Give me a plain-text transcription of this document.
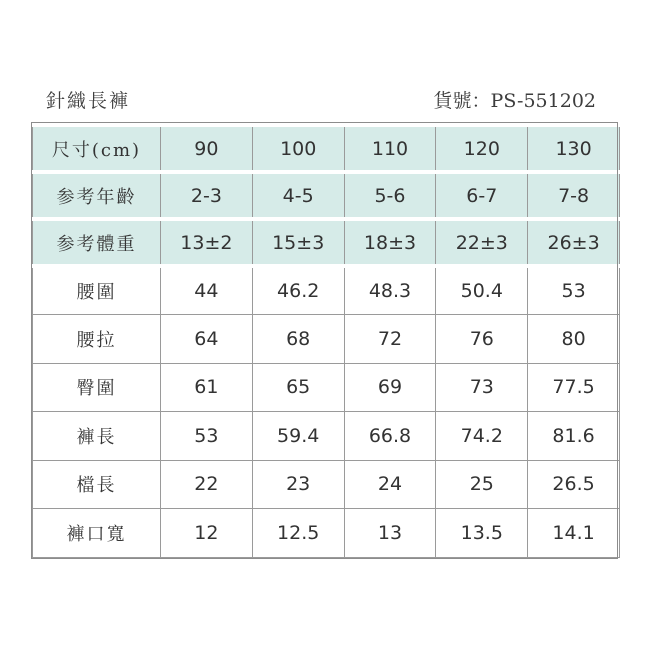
針織長褲	貨號：PS-551202
尺寸(cm)	90	100	110	120	130
参考年齡	2-3	4-5	5-6	6-7	7-8
参考體重	13±2	15±3	18±3	22±3	26±3
腰圍	44	46.2	48.3	50.4	53
腰拉	64	68	72	76	80
臀圍	61	65	69	73	77.5
褲長	53	59.4	66.8	74.2	81.6
檔長	22	23	24	25	26.5
褲口寬	12	12.5	13	13.5	14.1
